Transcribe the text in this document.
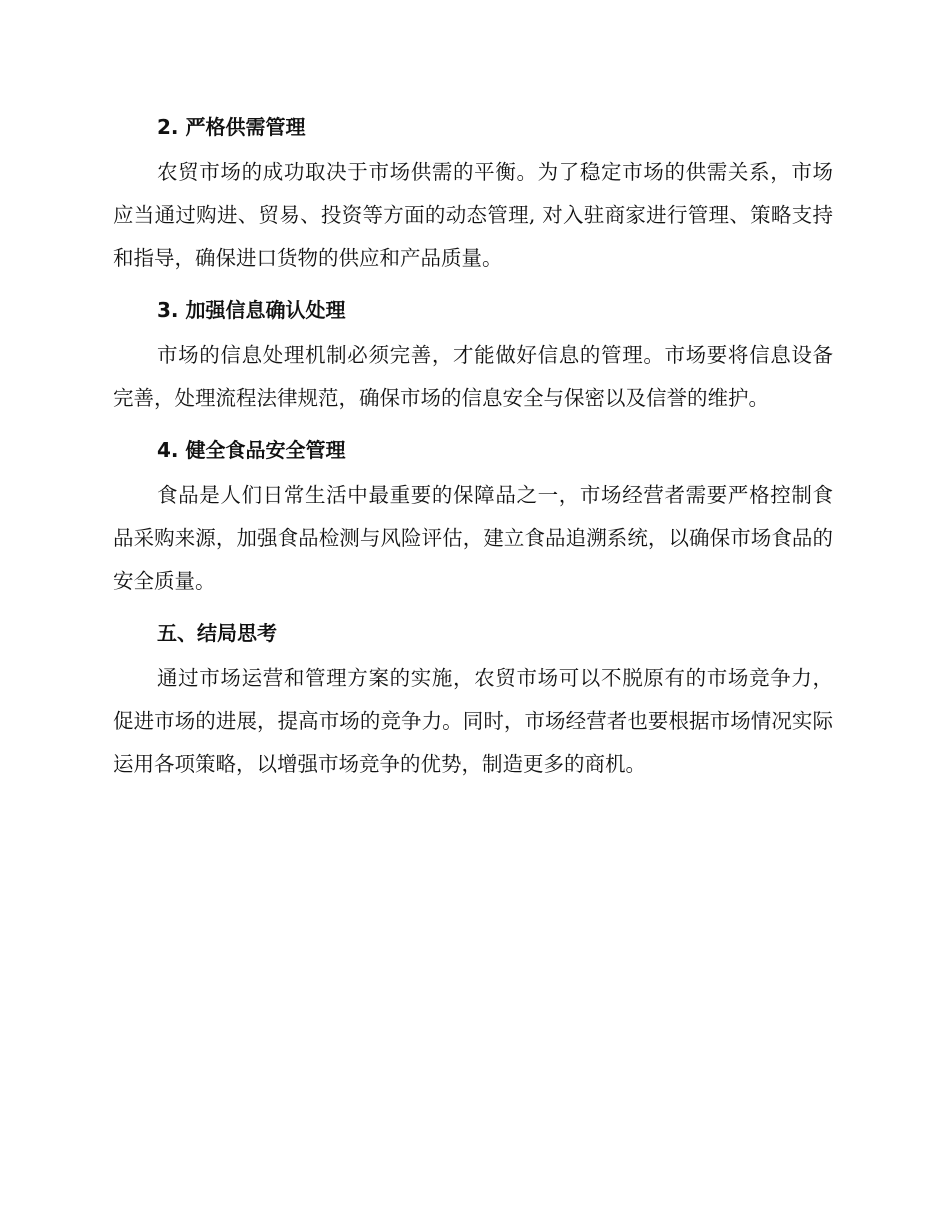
2. 严格供需管理

农贸市场的成功取决于市场供需的平衡。为了稳定市场的供需关系，市场应当通过购进、贸易、投资等方面的动态管理, 对入驻商家进行管理、策略支持和指导，确保进口货物的供应和产品质量。

3. 加强信息确认处理

市场的信息处理机制必须完善，才能做好信息的管理。市场要将信息设备完善，处理流程法律规范，确保市场的信息安全与保密以及信誉的维护。

4. 健全食品安全管理

食品是人们日常生活中最重要的保障品之一，市场经营者需要严格控制食品采购来源，加强食品检测与风险评估，建立食品追溯系统，以确保市场食品的安全质量。

五、结局思考

通过市场运营和管理方案的实施，农贸市场可以不脱原有的市场竞争力，促进市场的进展，提高市场的竞争力。同时，市场经营者也要根据市场情况实际运用各项策略，以增强市场竞争的优势，制造更多的商机。
